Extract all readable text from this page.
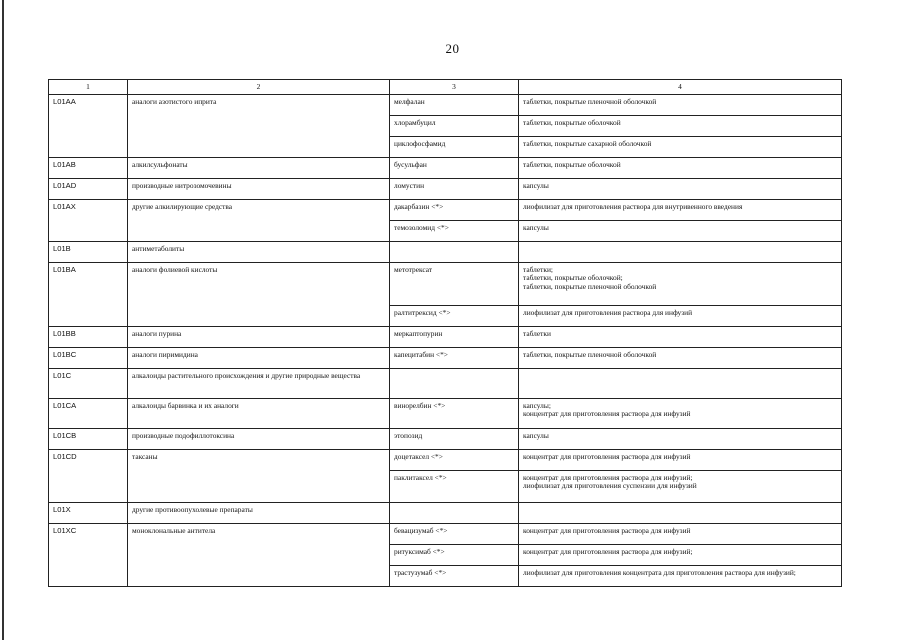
20
1	2	3	4
L01AA	аналоги азотистого иприта	мелфалан	таблетки, покрытые пленочной оболочкой
		хлорамбуцил	таблетки, покрытые оболочкой
		циклофосфамид	таблетки, покрытые сахарной оболочкой
L01AB	алкилсульфонаты	бусульфан	таблетки, покрытые оболочкой
L01AD	производные нитрозомочевины	ломустин	капсулы
L01AX	другие алкилирующие средства	дакарбазин <*>	лиофилизат для приготовления раствора для внутривенного введения
		темозоломид <*>	капсулы
L01B	антиметаболиты		
L01BA	аналоги фолиевой кислоты	метотрексат	таблетки;
таблетки, покрытые оболочкой;
таблетки, покрытые пленочной оболочкой
		ралтитрексид <*>	лиофилизат для приготовления раствора для инфузий
L01BB	аналоги пурина	меркаптопурин	таблетки
L01BC	аналоги пиримидина	капецитабин <*>	таблетки, покрытые пленочной оболочкой
L01C	алкалоиды растительного происхождения и другие природные вещества		
L01CA	алкалоиды барвинка и их аналоги	винорелбин <*>	капсулы;
концентрат для приготовления раствора для инфузий
L01CB	производные подофиллотоксина	этопозид	капсулы
L01CD	таксаны	доцетаксел <*>	концентрат для приготовления раствора для инфузий
		паклитаксел <*>	концентрат для приготовления раствора для инфузий;
лиофилизат для приготовления суспензии для инфузий
L01X	другие противоопухолевые препараты		
L01XC	моноклональные антитела	бевацизумаб <*>	концентрат для приготовления раствора для инфузий
		ритуксимаб <*>	концентрат для приготовления раствора для инфузий;
		трастузумаб <*>	лиофилизат для приготовления концентрата для приготовления раствора для инфузий;
